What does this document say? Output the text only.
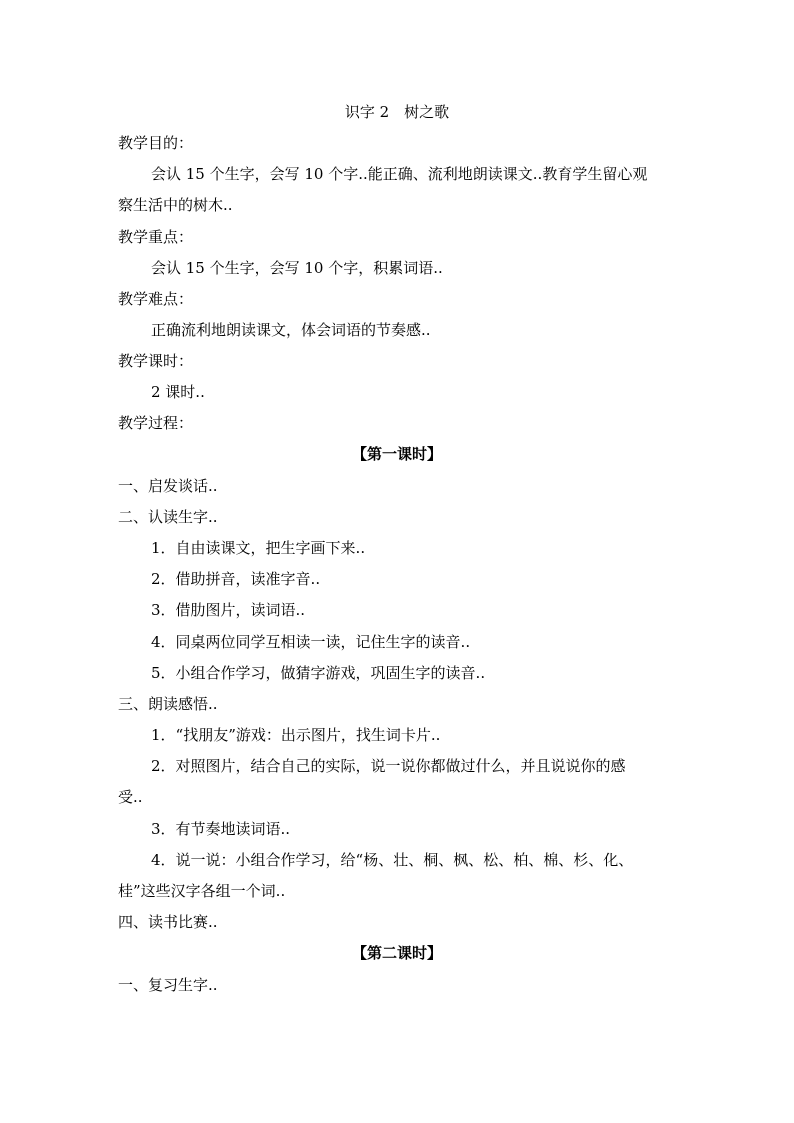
识字 2　树之歌
教学目的：
会认 15 个生字，会写 10 个字..能正确、流利地朗读课文..教育学生留心观
察生活中的树木..
教学重点：
会认 15 个生字，会写 10 个字，积累词语..
教学难点：
正确流利地朗读课文，体会词语的节奏感..
教学课时：
2 课时..
教学过程：
【第一课时】
一、启发谈话..
二、认读生字..
1．自由读课文，把生字画下来..
2．借助拼音，读准字音..
3．借肋图片，读词语..
4．同桌两位同学互相读一读，记住生字的读音..
5．小组合作学习，做猜字游戏，巩固生字的读音..
三、朗读感悟..
1．“找朋友”游戏：出示图片，找生词卡片..
2．对照图片，结合自己的实际，说一说你都做过什么，并且说说你的感
受..
3．有节奏地读词语..
4．说一说：小组合作学习，给“杨、壮、桐、枫、松、柏、棉、杉、化、
桂”这些汉字各组一个词..
四、读书比赛..
【第二课时】
一、复习生字..
